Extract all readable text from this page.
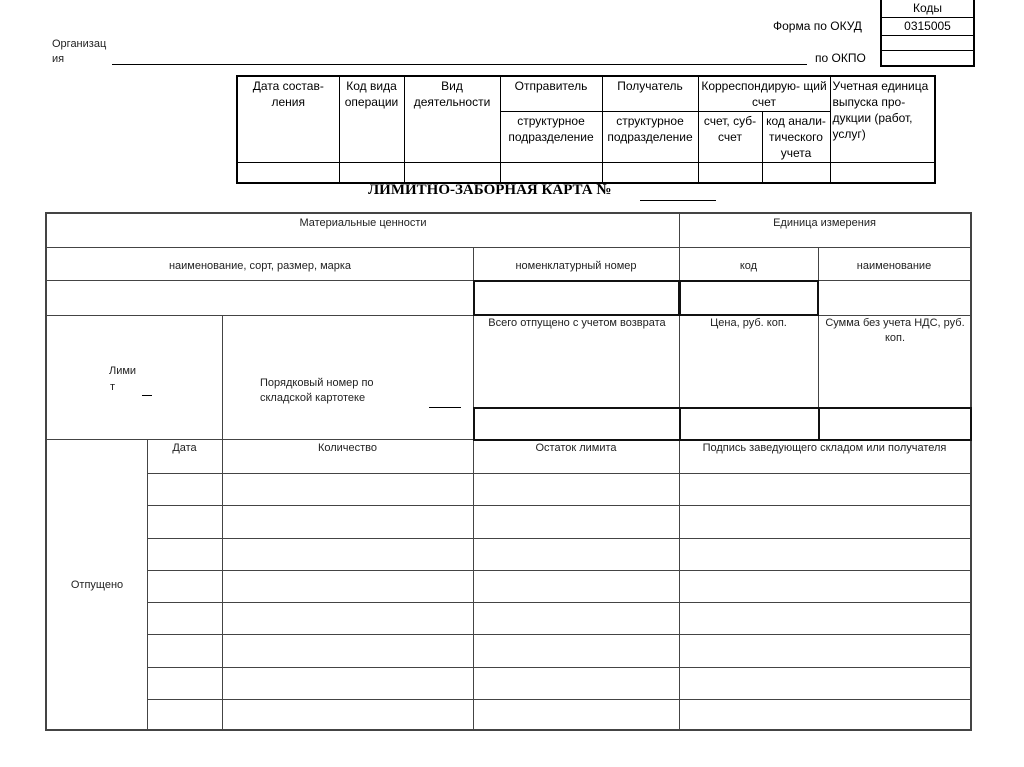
Коды
0315005
Форма по ОКУД
по ОКПО
Организац
ия
Дата состав- ления	Код вида операции	Вид деятельности	Отправитель	Получатель	Корреспондирую- щий счет		Учетная единица выпуска про- дукции (работ, услуг)
			структурное подразделение	структурное подразделение	счет, суб- счет	код анали- тического учета	

ЛИМИТНО-ЗАБОРНАЯ КАРТА №
Материальные ценности	Единица измерения
наименование, сорт, размер, марка	номенклатурный номер	код	наименование
Лими
т	Порядковый номер по складской картотеке
Всего отпущено с учетом возврата	Цена, руб. коп.	Сумма без учета НДС, руб. коп.
Отпущено
Дата	Количество	Остаток лимита	Подпись заведующего складом или получателя
